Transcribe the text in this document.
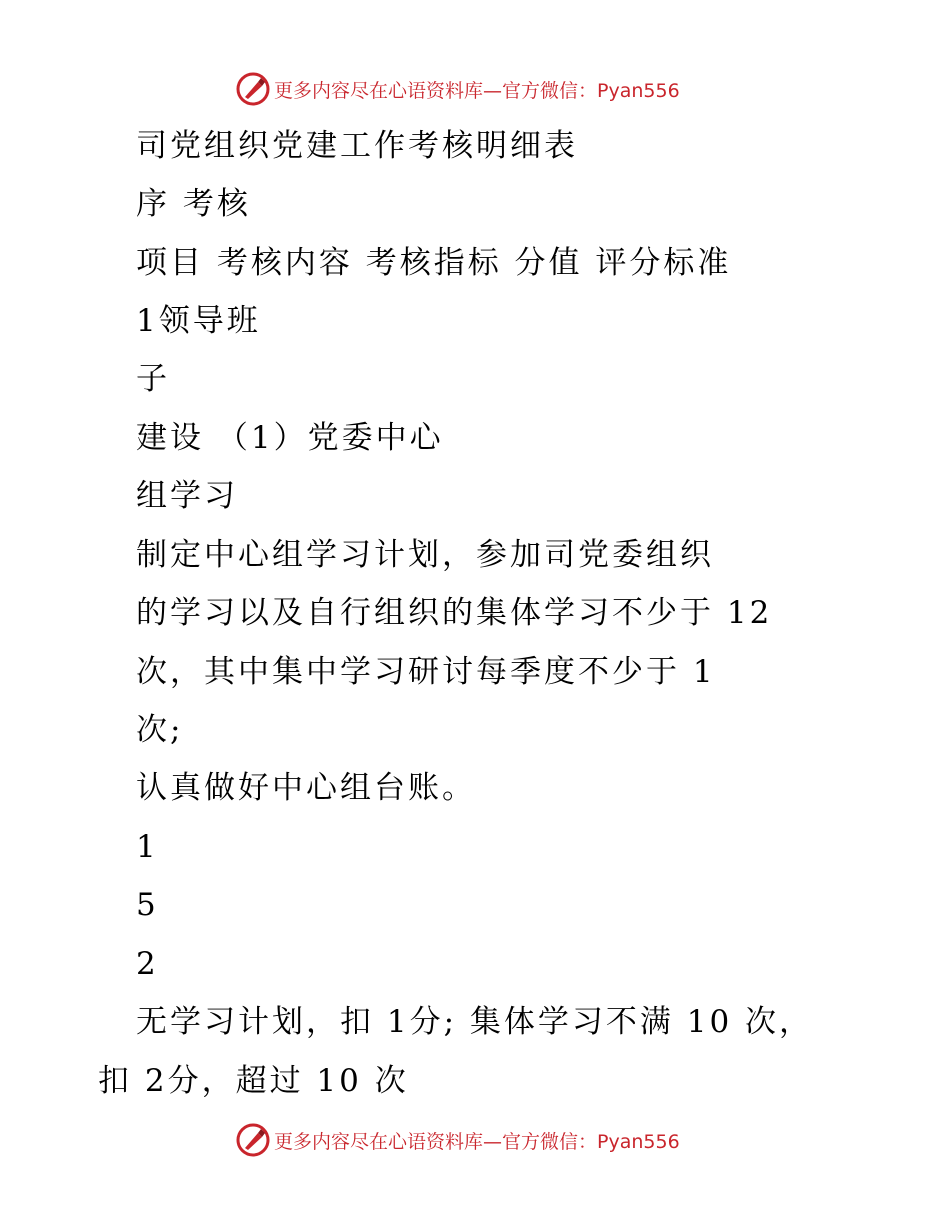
更多内容尽在心语资料库—官方微信：Pyan556
司党组织党建工作考核明细表
序 考核
项目 考核内容 考核指标 分值 评分标准
1领导班
子
建设 （1）党委中心
组学习
制定中心组学习计划，参加司党委组织
的学习以及自行组织的集体学习不少于 12
次，其中集中学习研讨每季度不少于 1
次;
认真做好中心组台账。
1
5
2
无学习计划，扣 1分; 集体学习不满 10 次，
扣 2分，超过 10 次
更多内容尽在心语资料库—官方微信：Pyan556
